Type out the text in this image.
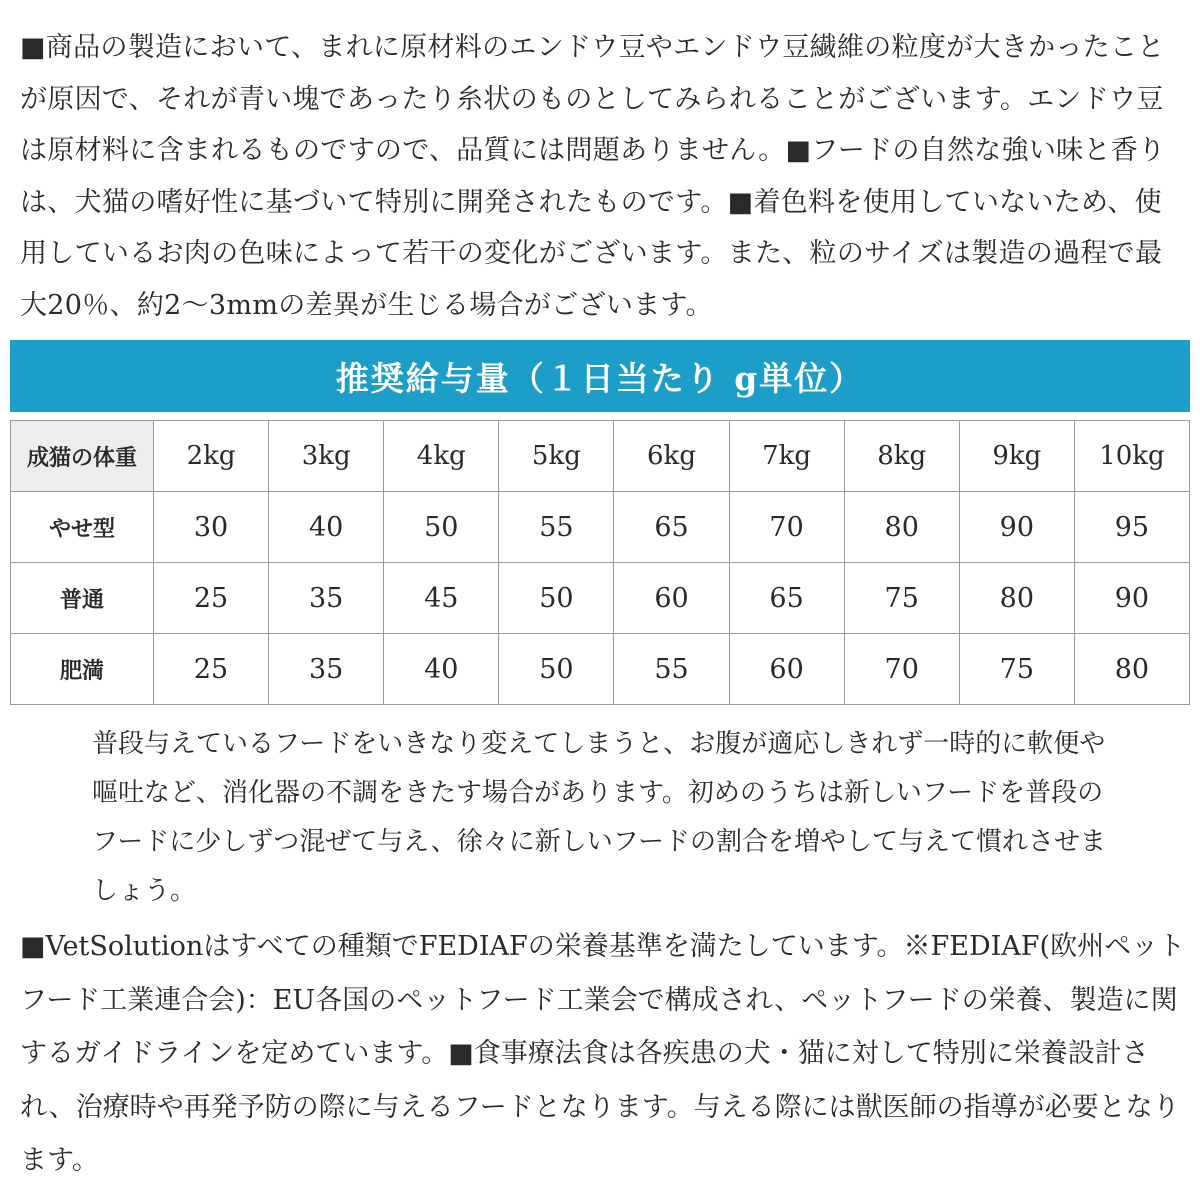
■商品の製造において、まれに原材料のエンドウ豆やエンドウ豆繊維の粒度が大きかったことが原因で、それが青い塊であったり糸状のものとしてみられることがございます。エンドウ豆は原材料に含まれるものですので、品質には問題ありません。■フードの自然な強い味と香りは、犬猫の嗜好性に基づいて特別に開発されたものです。■着色料を使用していないため、使用しているお肉の色味によって若干の変化がございます。また、粒のサイズは製造の過程で最大20％、約2〜3mmの差異が生じる場合がございます。

推奨給与量（１日当たり g単位）
成猫の体重	2kg	3kg	4kg	5kg	6kg	7kg	8kg	9kg	10kg
やせ型	30	40	50	55	65	70	80	90	95
普通	25	35	45	50	60	65	75	80	90
肥満	25	35	40	50	55	60	70	75	80

普段与えているフードをいきなり変えてしまうと、お腹が適応しきれず一時的に軟便や嘔吐など、消化器の不調をきたす場合があります。初めのうちは新しいフードを普段のフードに少しずつ混ぜて与え、徐々に新しいフードの割合を増やして与えて慣れさせましょう。

■VetSolutionはすべての種類でFEDIAFの栄養基準を満たしています。※FEDIAF(欧州ペットフード工業連合会)：EU各国のペットフード工業会で構成され、ペットフードの栄養、製造に関するガイドラインを定めています。■食事療法食は各疾患の犬・猫に対して特別に栄養設計され、治療時や再発予防の際に与えるフードとなります。与える際には獣医師の指導が必要となります。
